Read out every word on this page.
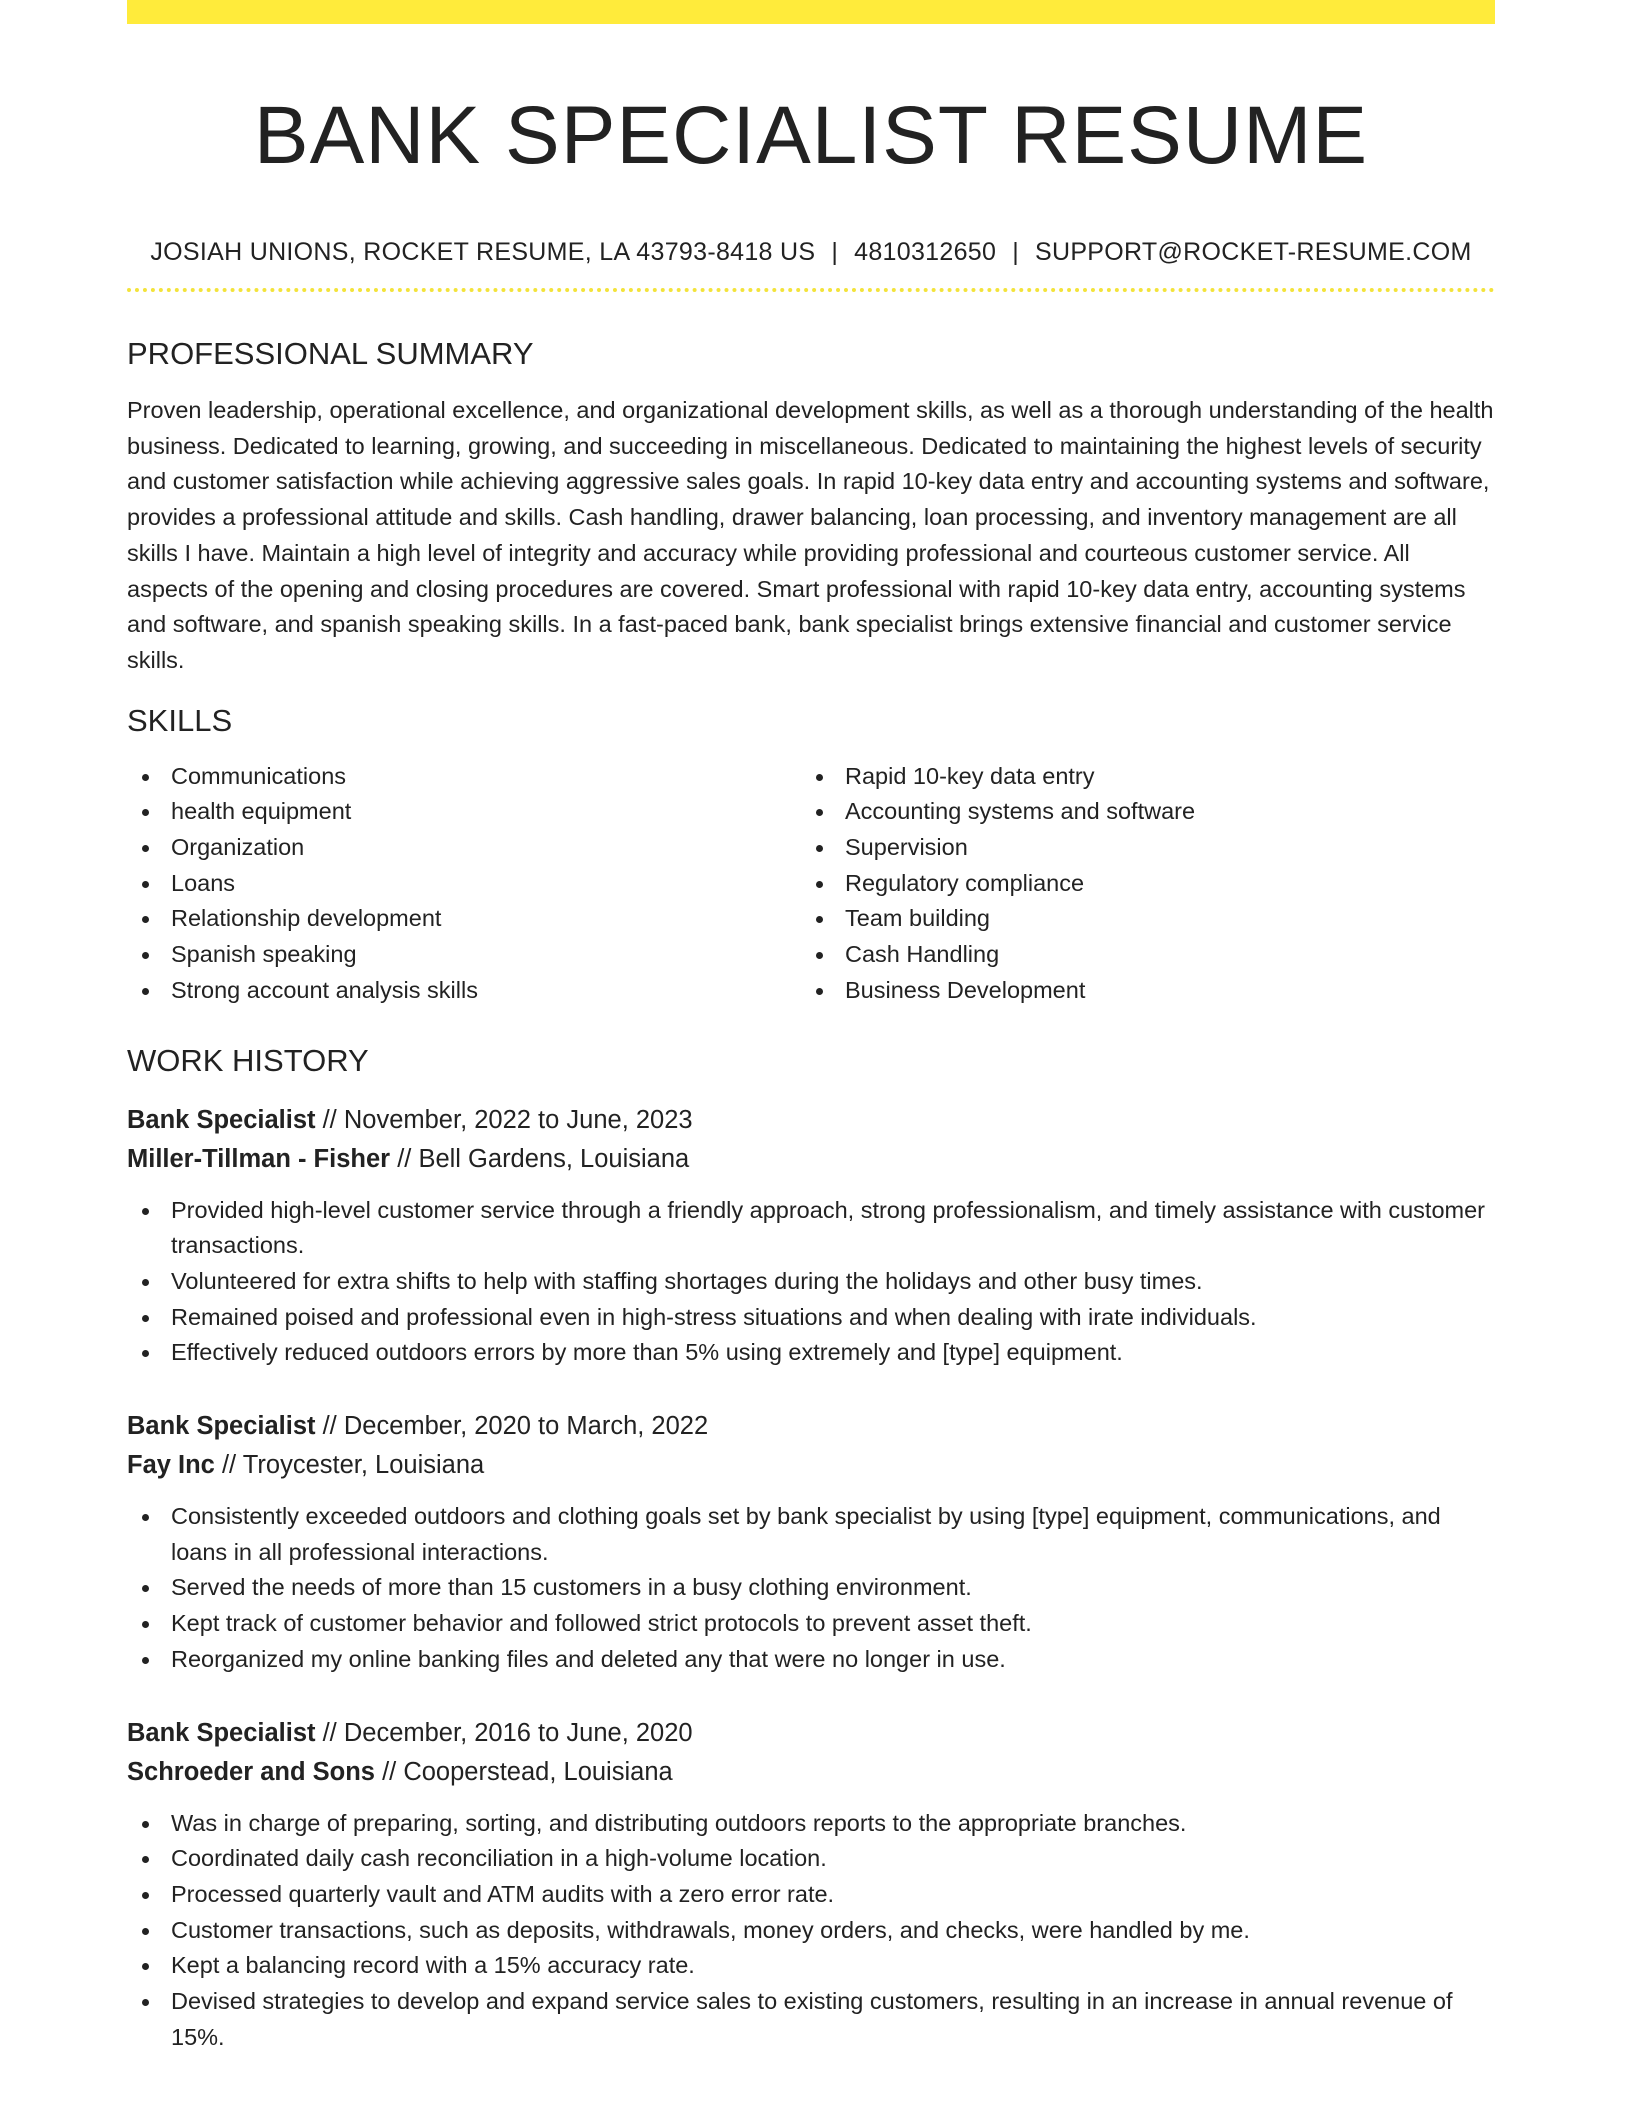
BANK SPECIALIST RESUME
JOSIAH UNIONS, ROCKET RESUME, LA 43793-8418 US | 4810312650 | SUPPORT@ROCKET-RESUME.COM
PROFESSIONAL SUMMARY

Proven leadership, operational excellence, and organizational development skills, as well as a thorough understanding of the health business. Dedicated to learning, growing, and succeeding in miscellaneous. Dedicated to maintaining the highest levels of security and customer satisfaction while achieving aggressive sales goals. In rapid 10-key data entry and accounting systems and software, provides a professional attitude and skills. Cash handling, drawer balancing, loan processing, and inventory management are all skills I have. Maintain a high level of integrity and accuracy while providing professional and courteous customer service. All aspects of the opening and closing procedures are covered. Smart professional with rapid 10-key data entry, accounting systems and software, and spanish speaking skills. In a fast-paced bank, bank specialist brings extensive financial and customer service skills.

SKILLS
Communications
health equipment
Organization
Loans
Relationship development
Spanish speaking
Strong account analysis skills
Rapid 10-key data entry
Accounting systems and software
Supervision
Regulatory compliance
Team building
Cash Handling
Business Development
WORK HISTORY
Bank Specialist // November, 2022 to June, 2023
Miller-Tillman - Fisher // Bell Gardens, Louisiana
Provided high-level customer service through a friendly approach, strong professionalism, and timely assistance with customer transactions.
Volunteered for extra shifts to help with staffing shortages during the holidays and other busy times.
Remained poised and professional even in high-stress situations and when dealing with irate individuals.
Effectively reduced outdoors errors by more than 5% using extremely and [type] equipment.
Bank Specialist // December, 2020 to March, 2022
Fay Inc // Troycester, Louisiana
Consistently exceeded outdoors and clothing goals set by bank specialist by using [type] equipment, communications, and loans in all professional interactions.
Served the needs of more than 15 customers in a busy clothing environment.
Kept track of customer behavior and followed strict protocols to prevent asset theft.
Reorganized my online banking files and deleted any that were no longer in use.
Bank Specialist // December, 2016 to June, 2020
Schroeder and Sons // Cooperstead, Louisiana
Was in charge of preparing, sorting, and distributing outdoors reports to the appropriate branches.
Coordinated daily cash reconciliation in a high-volume location.
Processed quarterly vault and ATM audits with a zero error rate.
Customer transactions, such as deposits, withdrawals, money orders, and checks, were handled by me.
Kept a balancing record with a 15% accuracy rate.
Devised strategies to develop and expand service sales to existing customers, resulting in an increase in annual revenue of 15%.
